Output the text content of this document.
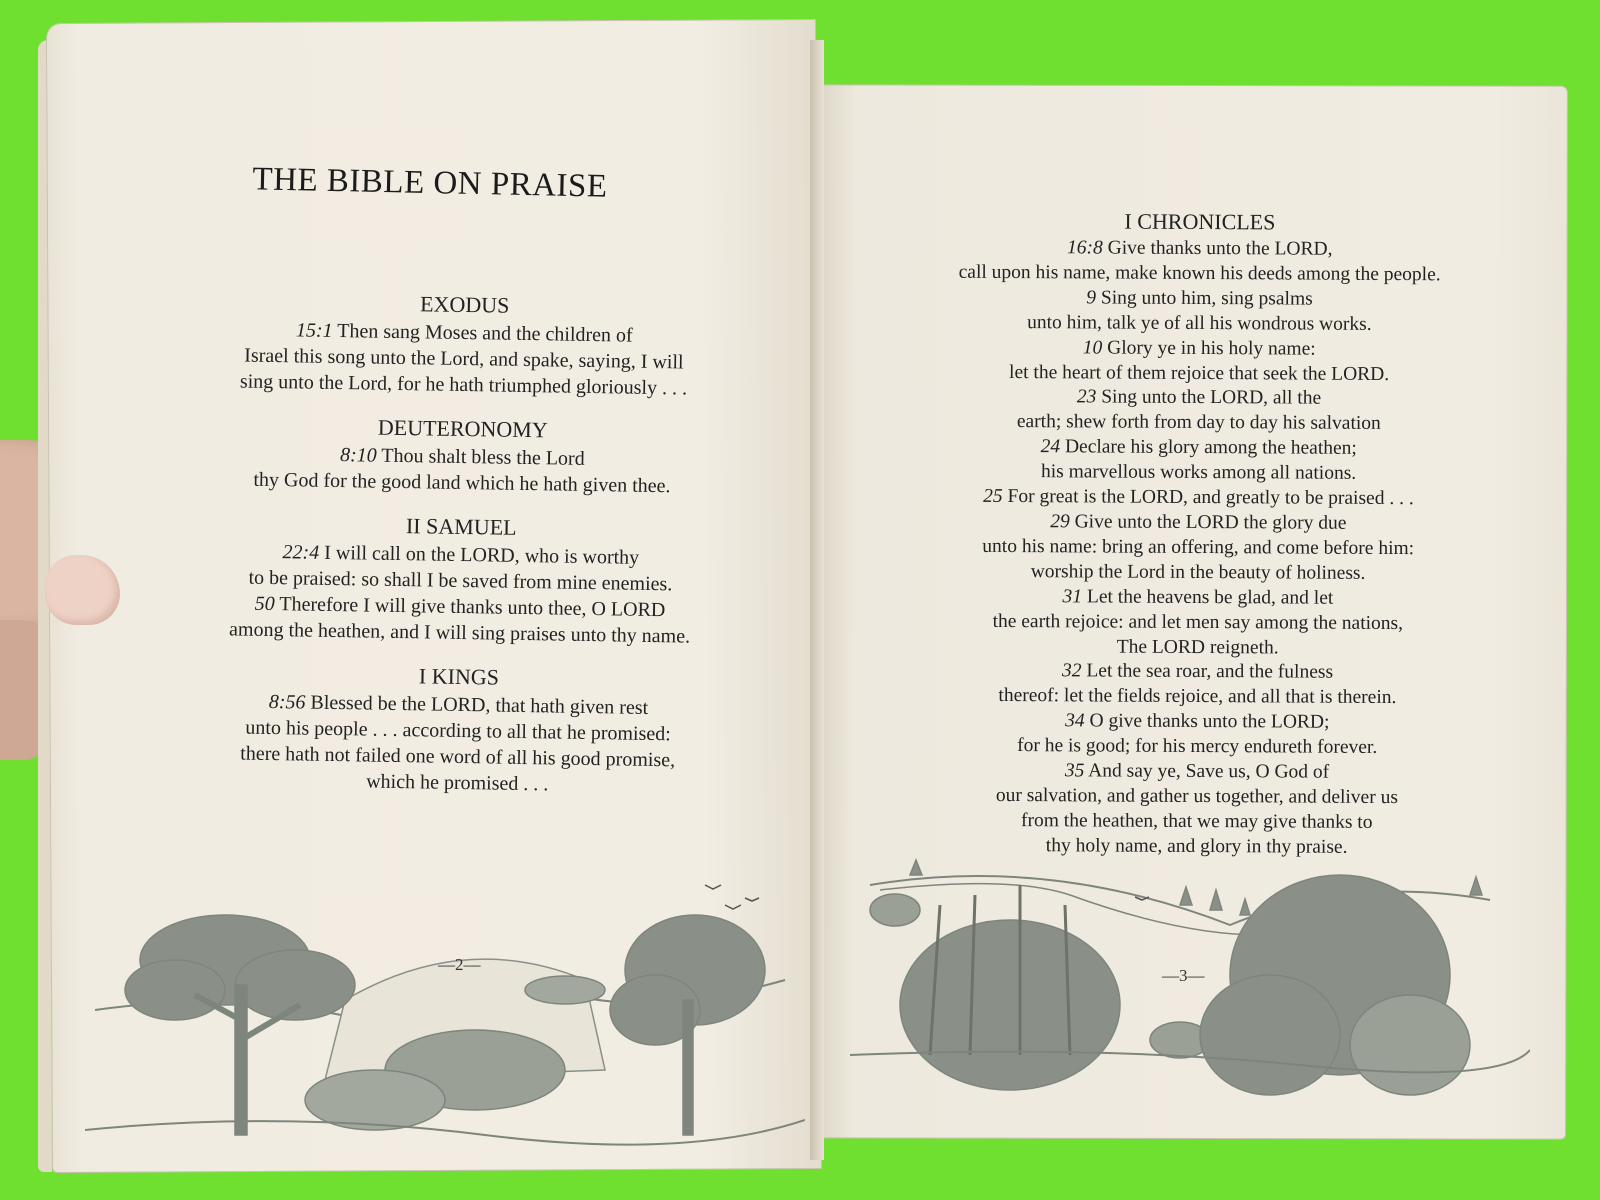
THE BIBLE ON PRAISE

EXODUS

15:1 Then sang Moses and the children of

Israel this song unto the Lord, and spake, saying, I will

sing unto the Lord, for he hath triumphed gloriously . . .

DEUTERONOMY

8:10 Thou shalt bless the Lord

thy God for the good land which he hath given thee.

II SAMUEL

22:4 I will call on the LORD, who is worthy

to be praised: so shall I be saved from mine enemies.

50 Therefore I will give thanks unto thee, O LORD

among the heathen, and I will sing praises unto thy name.

I KINGS

8:56 Blessed be the LORD, that hath given rest

unto his people . . . according to all that he promised:

there hath not failed one word of all his good promise,

which he promised . . .

I CHRONICLES

16:8 Give thanks unto the LORD,

call upon his name, make known his deeds among the people.

9 Sing unto him, sing psalms

unto him, talk ye of all his wondrous works.

10 Glory ye in his holy name:

let the heart of them rejoice that seek the LORD.

23 Sing unto the LORD, all the

earth; shew forth from day to day his salvation

24 Declare his glory among the heathen;

his marvellous works among all nations.

25 For great is the LORD, and greatly to be praised . . .

29 Give unto the LORD the glory due

unto his name: bring an offering, and come before him:

worship the Lord in the beauty of holiness.

31 Let the heavens be glad, and let

the earth rejoice: and let men say among the nations,

The LORD reigneth.

32 Let the sea roar, and the fulness

thereof: let the fields rejoice, and all that is therein.

34 O give thanks unto the LORD;

for he is good; for his mercy endureth forever.

35 And say ye, Save us, O God of

our salvation, and gather us together, and deliver us

from the heathen, that we may give thanks to

thy holy name, and glory in thy praise.

—2—
—3—
